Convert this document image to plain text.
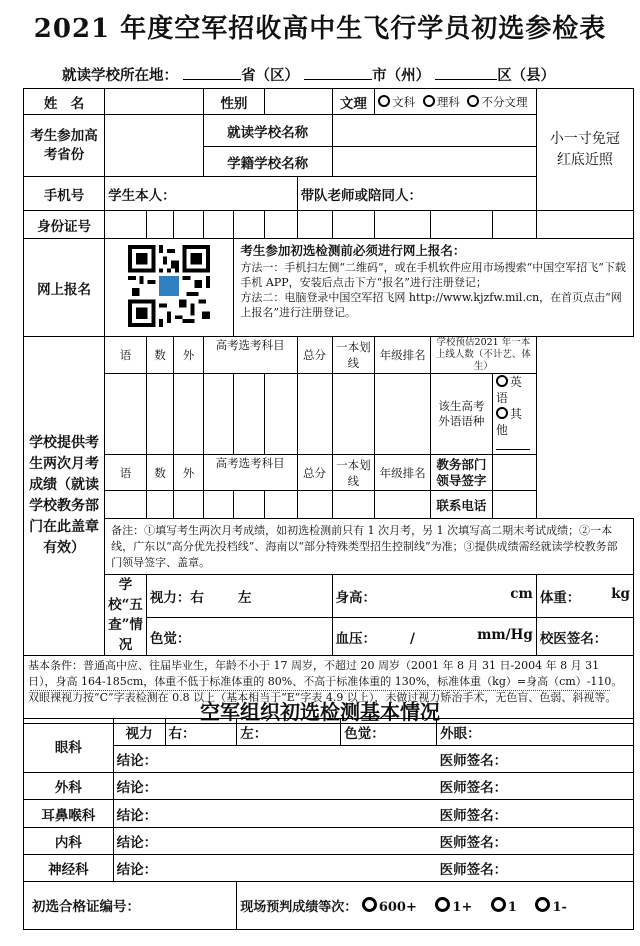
2021 年度空军招收高中生飞行学员初选参检表
就读学校所在地：	省（区）	市（州）	区（县）
姓　名				性别				文理	文科 理科 不分文理			小一寸免冠
红底近照
考生参加高考省份				就读学校名称								
				学籍学校名称								
手机号	学生本人：						带队老师或陪同人：					
身份证号												
网上报名					考生参加初选检测前必须进行网上报名：
方法一：手机扫左侧“二维码”，或在手机软件应用市场搜索“中国空军招飞”下载手机 APP，安装后点击下方“报名”进行注册登记；
方法二：电脑登录中国空军招飞网 http://www.kjzfw.mil.cn，在首页点击“网上报名”进行注册登记。							

学校提供考生两次月考成绩（就读学校教务部门在此盖章有效）	语	数	外	高考选考科目			总分	一本划线	年级排名	学校预估2021 年一本上线人数（不计艺、体生）		
										该生高考外语语种	英语
其他	
	语	数	外	高考选考科目			总分	一本划线	年级排名	教务部门领导签字		
										联系电话		
	备注：①填写考生两次月考成绩，如初选检测前只有 1 次月考，另 1 次填写高二期末考试成绩；②一本线，广东以“高分优先投档线”、海南以“部分特殊类型招生控制线”为准；③提供成绩需经就读学校教务部门领导签字、盖章。											
	学校“五查”情况	视力：右 左						身高： cm				体重： kg

		色觉：						血压： / mm/Hg				校医签名：
基本条件：普通高中应、往届毕业生，年龄不小于 17 周岁，不超过 20 周岁（2001 年 8 月 31 日-2004 年 8 月 31 日），身高 164-185cm，体重不低于标准体重的 80%、不高于标准体重的 130%，标准体重（kg）=身高（cm）-110。双眼裸视力按“C”字表检测在 0.8 以上（基本相当于“E”字表 4.9 以上），未做过视力矫治手术，无色盲、色弱、斜视等。												
空军组织初选检测基本情况
眼科	视力	右：	左：	色觉：	外眼：
	结论：				医师签名：
外科	结论：				医师签名：
耳鼻喉科	结论：				医师签名：
内科	结论：				医师签名：
神经科	结论：				医师签名：
初选合格证编号：			现场预判成绩等次： 600+ 1+ 1 1-		
